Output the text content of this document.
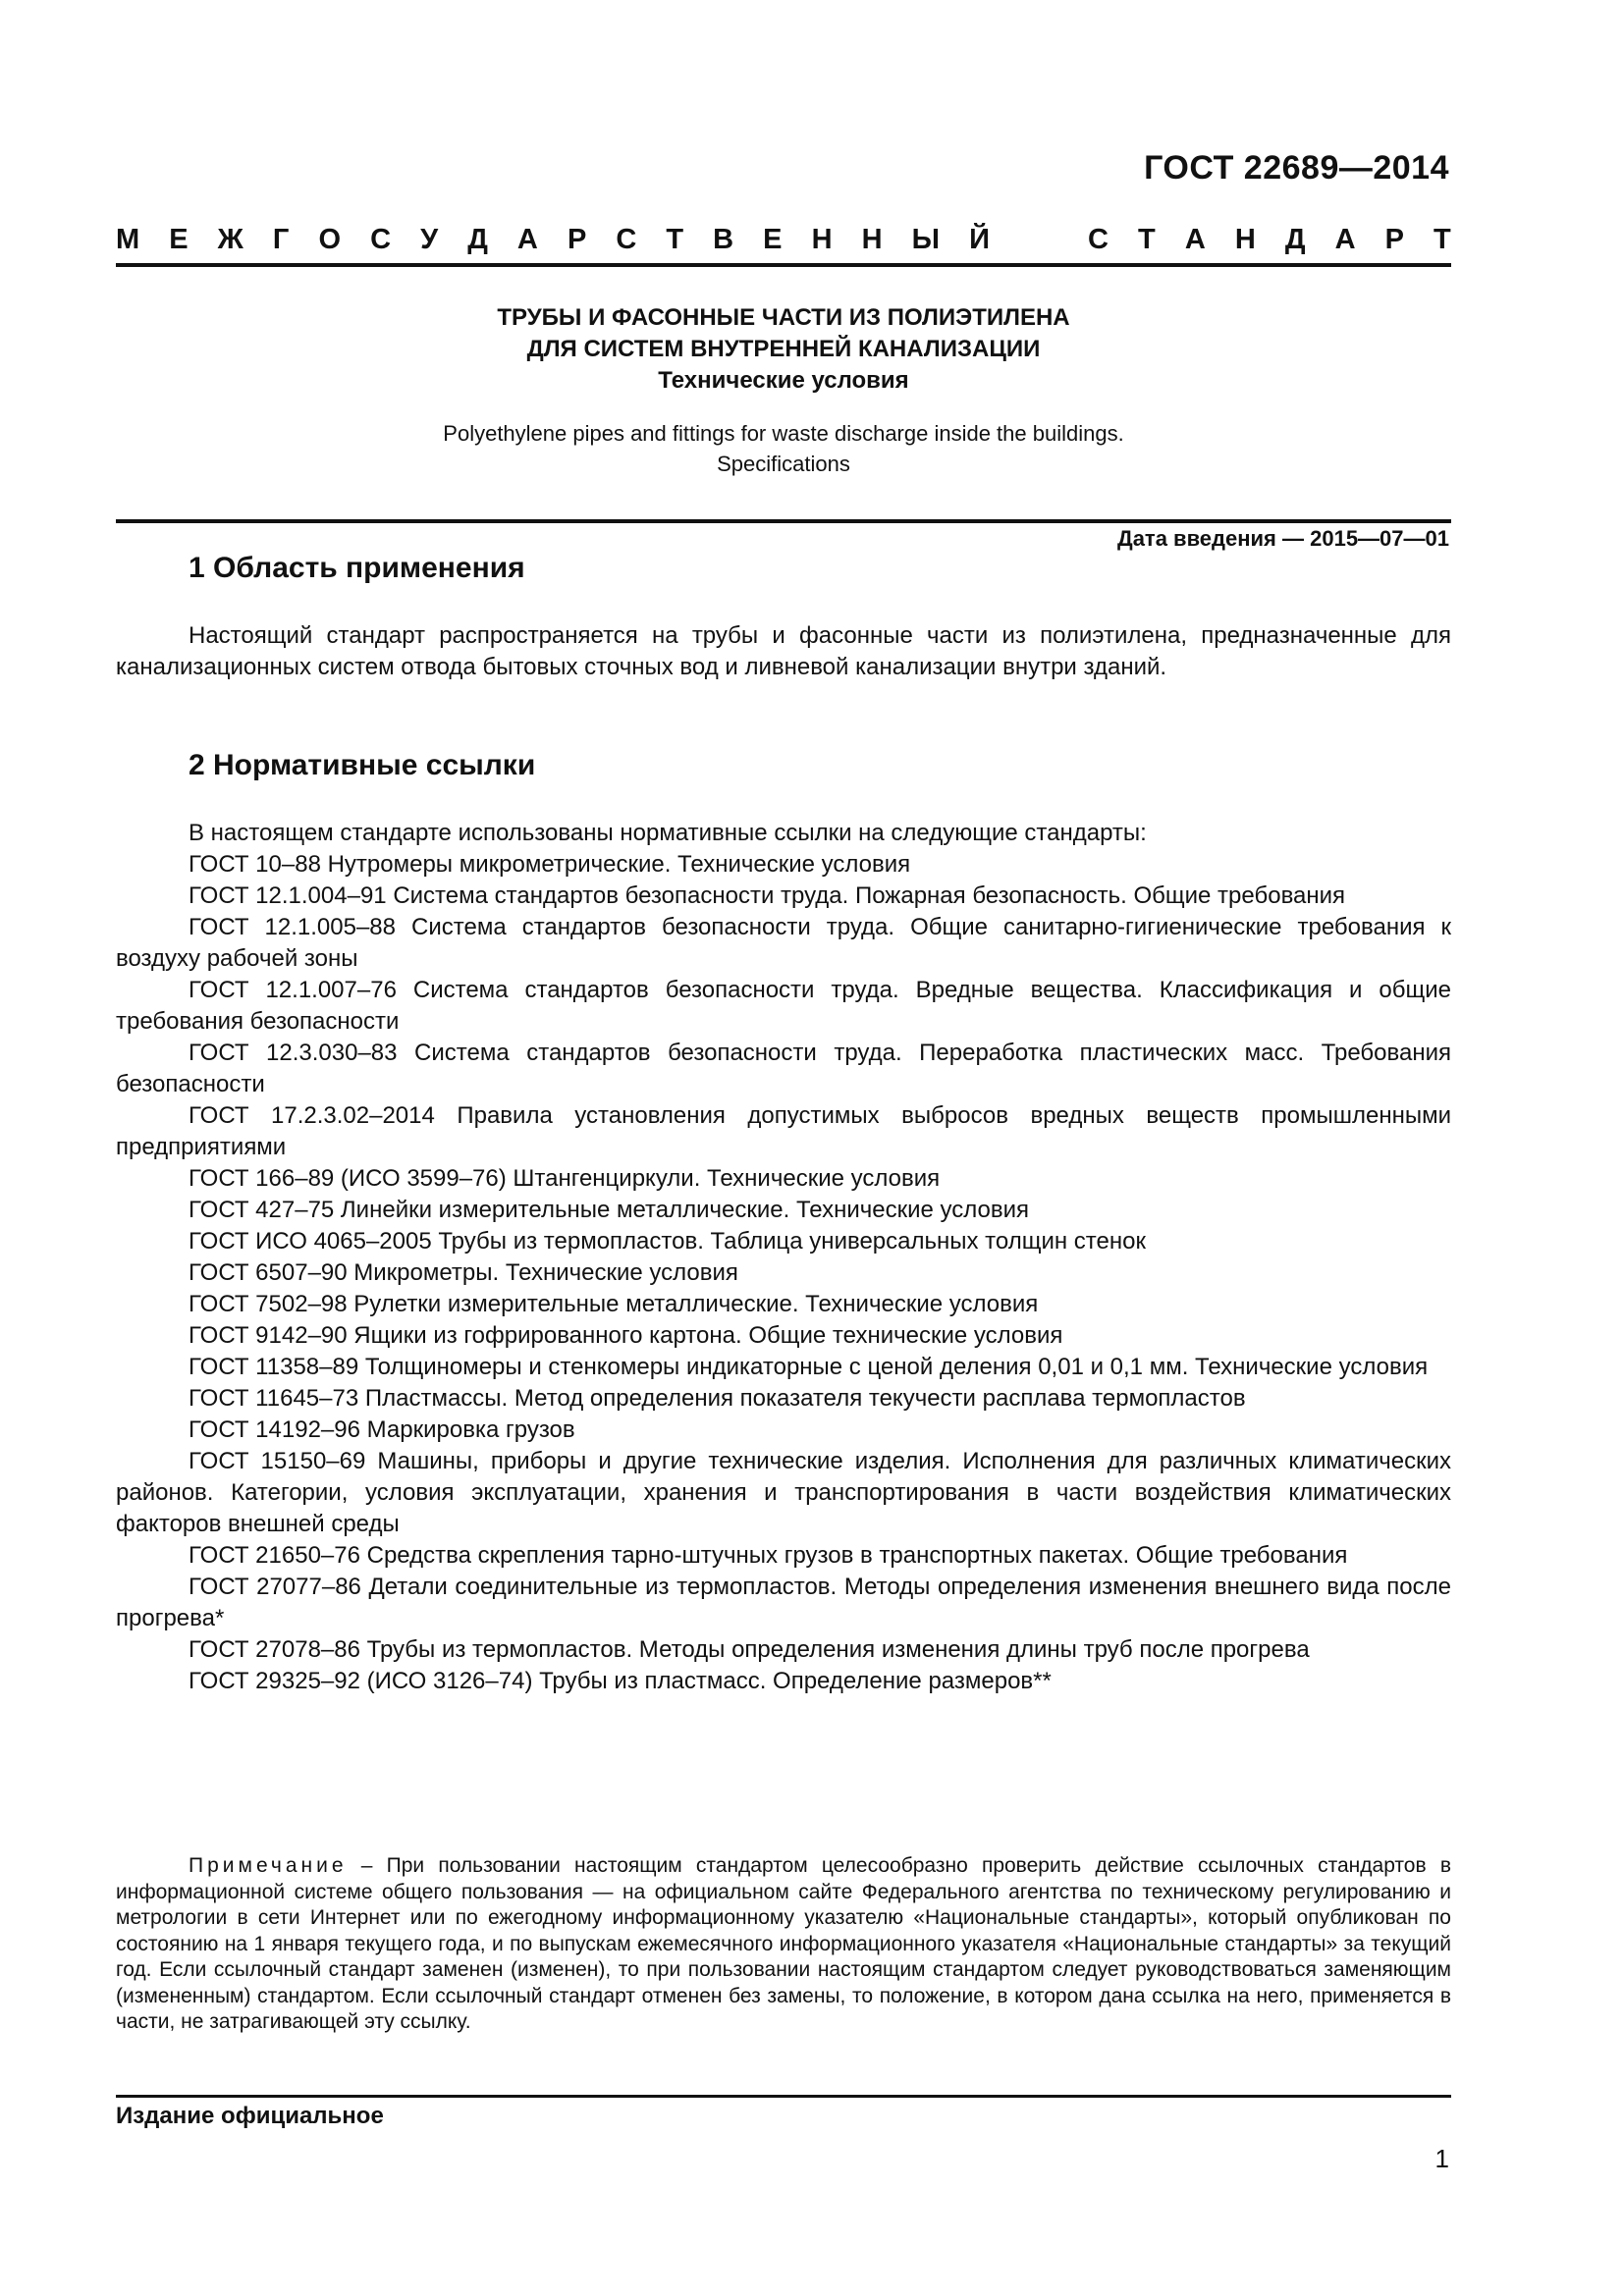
ГОСТ 22689—2014
М Е Ж Г О С У Д А Р С Т В Е Н Н Ы Й	С Т А Н Д А Р Т
ТРУБЫ И ФАСОННЫЕ ЧАСТИ ИЗ ПОЛИЭТИЛЕНА
ДЛЯ СИСТЕМ ВНУТРЕННЕЙ КАНАЛИЗАЦИИ
Технические условия
Polyethylene pipes and fittings for waste discharge inside the buildings.
Specifications
Дата введения — 2015—07—01
1 Область применения

Настоящий стандарт распространяется на трубы и фасонные части из полиэтилена, предназначенные для канализационных систем отвода бытовых сточных вод и ливневой канализации внутри зданий.

2 Нормативные ссылки

В настоящем стандарте использованы нормативные ссылки на следующие стандарты:

ГОСТ 10–88 Нутромеры микрометрические. Технические условия

ГОСТ 12.1.004–91 Система стандартов безопасности труда. Пожарная безопасность. Общие требования

ГОСТ 12.1.005–88 Система стандартов безопасности труда. Общие санитарно-гигиенические требования к воздуху рабочей зоны

ГОСТ 12.1.007–76 Система стандартов безопасности труда. Вредные вещества. Классификация и общие требования безопасности

ГОСТ 12.3.030–83 Система стандартов безопасности труда. Переработка пластических масс. Требования безопасности

ГОСТ 17.2.3.02–2014 Правила установления допустимых выбросов вредных веществ промышленными предприятиями

ГОСТ 166–89 (ИСО 3599–76) Штангенциркули. Технические условия

ГОСТ 427–75 Линейки измерительные металлические. Технические условия

ГОСТ ИСО 4065–2005 Трубы из термопластов. Таблица универсальных толщин стенок

ГОСТ 6507–90 Микрометры. Технические условия

ГОСТ 7502–98 Рулетки измерительные металлические. Технические условия

ГОСТ 9142–90 Ящики из гофрированного картона. Общие технические условия

ГОСТ 11358–89 Толщиномеры и стенкомеры индикаторные с ценой деления 0,01 и 0,1 мм. Технические условия

ГОСТ 11645–73 Пластмассы. Метод определения показателя текучести расплава термопластов

ГОСТ 14192–96 Маркировка грузов

ГОСТ 15150–69 Машины, приборы и другие технические изделия. Исполнения для различных климатических районов. Категории, условия эксплуатации, хранения и транспортирования в части воздействия климатических факторов внешней среды

ГОСТ 21650–76 Средства скрепления тарно-штучных грузов в транспортных пакетах. Общие требования

ГОСТ 27077–86 Детали соединительные из термопластов. Методы определения изменения внешнего вида после прогрева*

ГОСТ 27078–86 Трубы из термопластов. Методы определения изменения длины труб после прогрева

ГОСТ 29325–92 (ИСО 3126–74) Трубы из пластмасс. Определение размеров**

Примечание – При пользовании настоящим стандартом целесообразно проверить действие ссылочных стандартов в информационной системе общего пользования — на официальном сайте Федерального агентства по техническому регулированию и метрологии в сети Интернет или по ежегодному информационному указателю «Национальные стандарты», который опубликован по состоянию на 1 января текущего года, и по выпускам ежемесячного информационного указателя «Национальные стандарты» за текущий год. Если ссылочный стандарт заменен (изменен), то при пользовании настоящим стандартом следует руководствоваться заменяющим (измененным) стандартом. Если ссылочный стандарт отменен без замены, то положение, в котором дана ссылка на него, применяется в части, не затрагивающей эту ссылку.
Издание официальное
1
